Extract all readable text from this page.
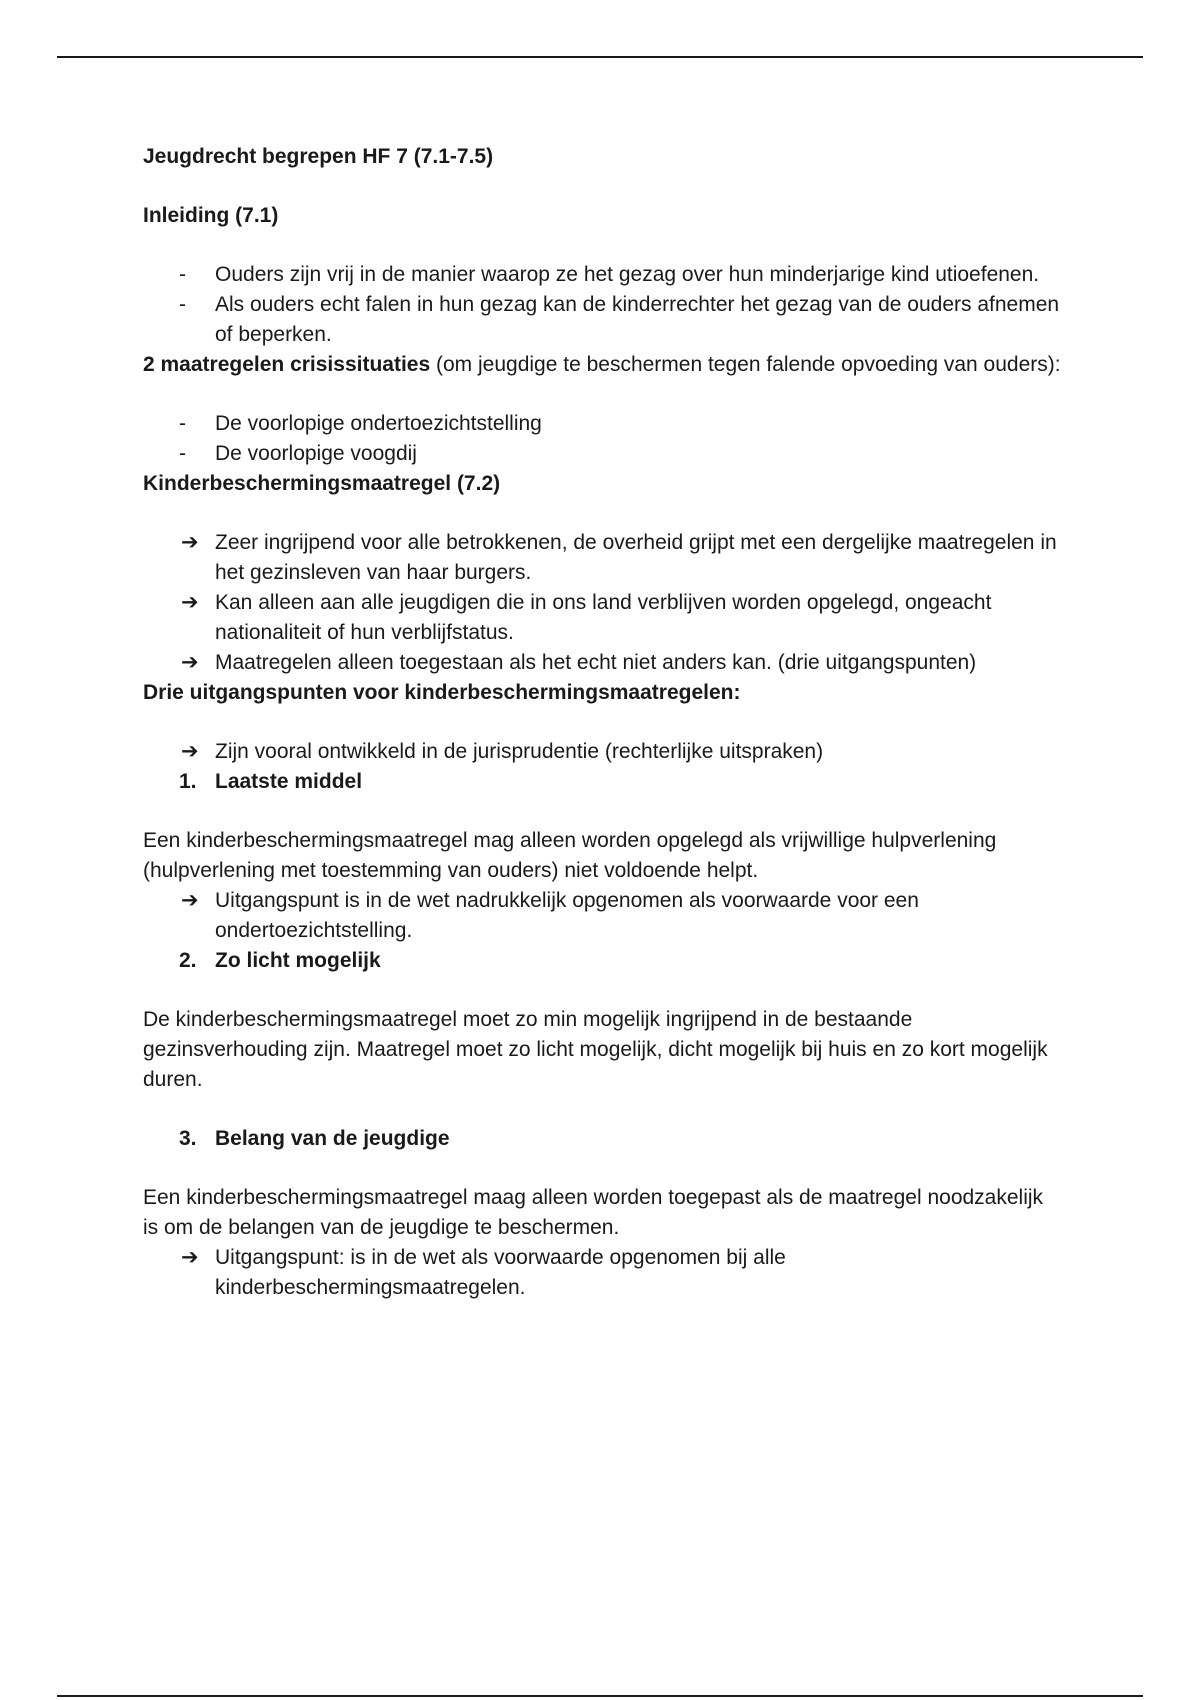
Jeugdrecht begrepen HF 7 (7.1-7.5)

Inleiding (7.1)

- Ouders zijn vrij in de manier waarop ze het gezag over hun minderjarige kind utioefenen.
- Als ouders echt falen in hun gezag kan de kinderrechter het gezag van de ouders afnemen of beperken.

2 maatregelen crisissituaties (om jeugdige te beschermen tegen falende opvoeding van ouders):

- De voorlopige ondertoezichtstelling
- De voorlopige voogdij

Kinderbeschermingsmaatregel (7.2)

➔ Zeer ingrijpend voor alle betrokkenen, de overheid grijpt met een dergelijke maatregelen in het gezinsleven van haar burgers.
➔ Kan alleen aan alle jeugdigen die in ons land verblijven worden opgelegd, ongeacht nationaliteit of hun verblijfstatus.
➔ Maatregelen alleen toegestaan als het echt niet anders kan. (drie uitgangspunten)

Drie uitgangspunten voor kinderbeschermingsmaatregelen:

➔ Zijn vooral ontwikkeld in de jurisprudentie (rechterlijke uitspraken)

1. Laatste middel

Een kinderbeschermingsmaatregel mag alleen worden opgelegd als vrijwillige hulpverlening (hulpverlening met toestemming van ouders) niet voldoende helpt.

➔ Uitgangspunt is in de wet nadrukkelijk opgenomen als voorwaarde voor een ondertoezichtstelling.

2. Zo licht mogelijk

De kinderbeschermingsmaatregel moet zo min mogelijk ingrijpend in de bestaande gezinsverhouding zijn. Maatregel moet zo licht mogelijk, dicht mogelijk bij huis en zo kort mogelijk duren.

3. Belang van de jeugdige

Een kinderbeschermingsmaatregel maag alleen worden toegepast als de maatregel noodzakelijk is om de belangen van de jeugdige te beschermen.

➔ Uitgangspunt: is in de wet als voorwaarde opgenomen bij alle kinderbeschermingsmaatregelen.
